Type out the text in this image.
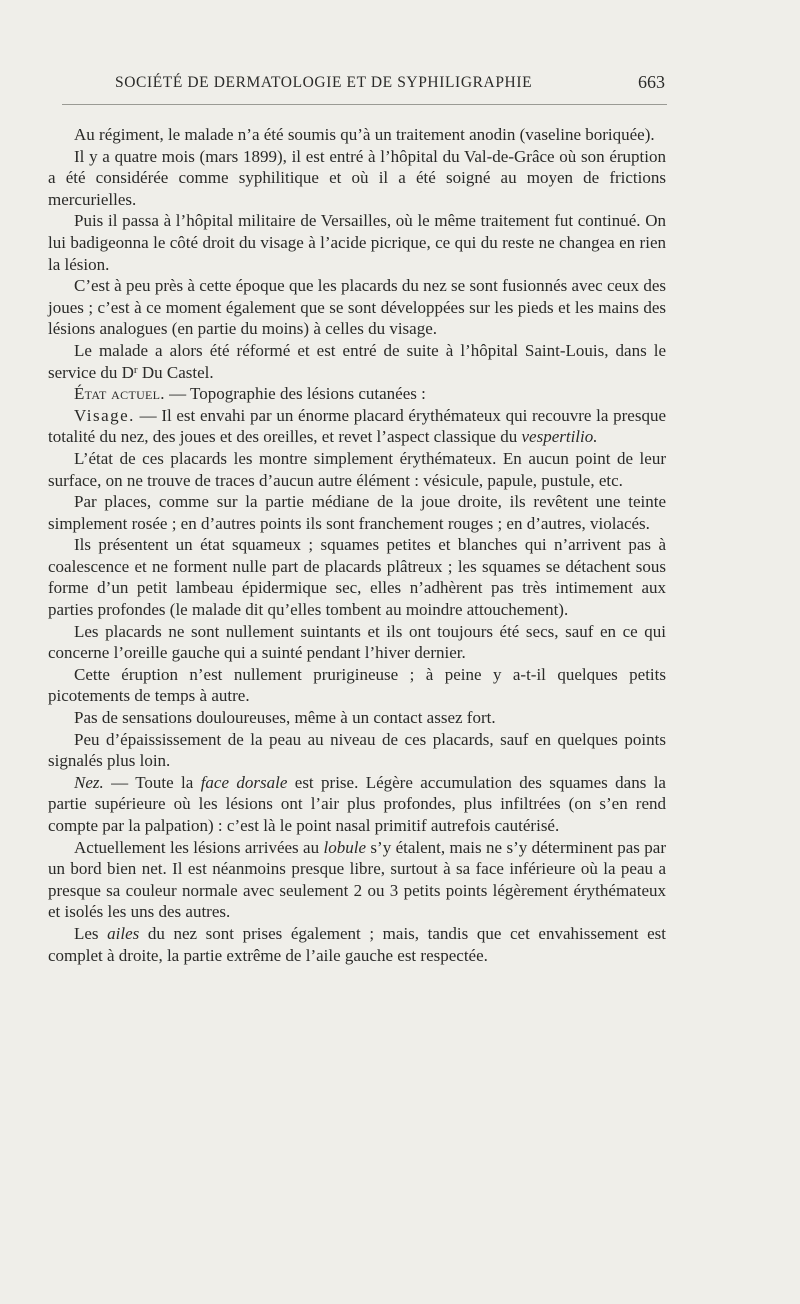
SOCIÉTÉ DE DERMATOLOGIE ET DE SYPHILIGRAPHIE	663

Au régiment, le malade n’a été soumis qu’à un traitement anodin (vaseline boriquée).

Il y a quatre mois (mars 1899), il est entré à l’hôpital du Val-de-Grâce où son éruption a été considérée comme syphilitique et où il a été soigné au moyen de frictions mercurielles.

Puis il passa à l’hôpital militaire de Versailles, où le même traitement fut continué. On lui badigeonna le côté droit du visage à l’acide picrique, ce qui du reste ne changea en rien la lésion.

C’est à peu près à cette époque que les placards du nez se sont fusionnés avec ceux des joues ; c’est à ce moment également que se sont développées sur les pieds et les mains des lésions analogues (en partie du moins) à celles du visage.

Le malade a alors été réformé et est entré de suite à l’hôpital Saint-Louis, dans le service du $D^r$ Du Castel.

État actuel. — Topographie des lésions cutanées :

Visage. — Il est envahi par un énorme placard érythémateux qui recouvre la presque totalité du nez, des joues et des oreilles, et revet l’aspect classique du vespertilio.

L’état de ces placards les montre simplement érythémateux. En aucun point de leur surface, on ne trouve de traces d’aucun autre élément : vésicule, papule, pustule, etc.

Par places, comme sur la partie médiane de la joue droite, ils revêtent une teinte simplement rosée ; en d’autres points ils sont franchement rouges ; en d’autres, violacés.

Ils présentent un état squameux ; squames petites et blanches qui n’arrivent pas à coalescence et ne forment nulle part de placards plâtreux ; les squames se détachent sous forme d’un petit lambeau épidermique sec, elles n’adhèrent pas très intimement aux parties profondes (le malade dit qu’elles tombent au moindre attouchement).

Les placards ne sont nullement suintants et ils ont toujours été secs, sauf en ce qui concerne l’oreille gauche qui a suinté pendant l’hiver dernier.

Cette éruption n’est nullement prurigineuse ; à peine y a-t-il quelques petits picotements de temps à autre.

Pas de sensations douloureuses, même à un contact assez fort.

Peu d’épaississement de la peau au niveau de ces placards, sauf en quelques points signalés plus loin.

Nez. — Toute la face dorsale est prise. Légère accumulation des squames dans la partie supérieure où les lésions ont l’air plus profondes, plus infiltrées (on s’en rend compte par la palpation) : c’est là le point nasal primitif autrefois cautérisé.

Actuellement les lésions arrivées au lobule s’y étalent, mais ne s’y déterminent pas par un bord bien net. Il est néanmoins presque libre, surtout à sa face inférieure où la peau a presque sa couleur normale avec seulement 2 ou 3 petits points légèrement érythémateux et isolés les uns des autres.

Les ailes du nez sont prises également ; mais, tandis que cet envahissement est complet à droite, la partie extrême de l’aile gauche est respectée.
